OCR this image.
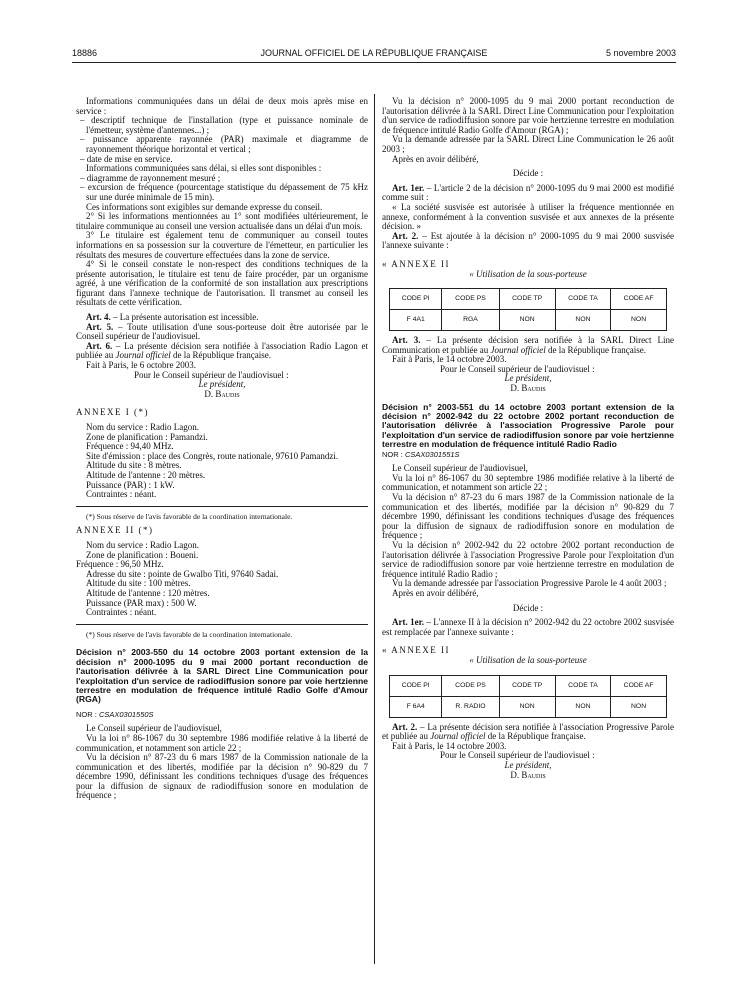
18886	JOURNAL OFFICIEL DE LA RÉPUBLIQUE FRANÇAISE	5 novembre 2003

Informations communiquées dans un délai de deux mois après mise en service :

– descriptif technique de l'installation (type et puissance nominale de l'émetteur, système d'antennes...) ;

– puissance apparente rayonnée (PAR) maximale et diagramme de rayonnement théorique horizontal et vertical ;

– date de mise en service.

Informations communiquées sans délai, si elles sont disponibles :

– diagramme de rayonnement mesuré ;

– excursion de fréquence (pourcentage statistique du dépassement de 75 kHz sur une durée minimale de 15 min).

Ces informations sont exigibles sur demande expresse du conseil.

2° Si les informations mentionnées au 1° sont modifiées ultérieurement, le titulaire communique au conseil une version actualisée dans un délai d'un mois.

3° Le titulaire est également tenu de communiquer au conseil toutes informations en sa possession sur la couverture de l'émetteur, en particulier les résultats des mesures de couverture effectuées dans la zone de service.

4° Si le conseil constate le non-respect des conditions techniques de la présente autorisation, le titulaire est tenu de faire procéder, par un organisme agréé, à une vérification de la conformité de son installation aux prescriptions figurant dans l'annexe technique de l'autorisation. Il transmet au conseil les résultats de cette vérification.

Art. 4. – La présente autorisation est incessible.

Art. 5. – Toute utilisation d'une sous-porteuse doit être autorisée par le Conseil supérieur de l'audiovisuel.

Art. 6. – La présente décision sera notifiée à l'association Radio Lagon et publiée au Journal officiel de la République française.

Fait à Paris, le 6 octobre 2003.

Pour le Conseil supérieur de l'audiovisuel :

Le président,

D. Baudis

ANNEXE I (*)

Nom du service : Radio Lagon.

Zone de planification : Pamandzi.

Fréquence : 94,40 MHz.

Site d'émission : place des Congrès, route nationale, 97610 Pamandzi.

Altitude du site : 8 mètres.

Altitude de l'antenne : 20 mètres.

Puissance (PAR) : 1 kW.

Contraintes : néant.

(*) Sous réserve de l'avis favorable de la coordination internationale.

ANNEXE II (*)

Nom du service : Radio Lagon.

Zone de planification : Boueni.

Fréquence : 96,50 MHz.

Adresse du site : pointe de Gwalbo Titi, 97640 Sadai.

Altitude du site : 100 mètres.

Altitude de l'antenne : 120 mètres.

Puissance (PAR max) : 500 W.

Contraintes : néant.

(*) Sous réserve de l'avis favorable de la coordination internationale.

Décision n° 2003-550 du 14 octobre 2003 portant extension de la décision n° 2000-1095 du 9 mai 2000 portant reconduction de l'autorisation délivrée à la SARL Direct Line Communication pour l'exploitation d'un service de radiodiffusion sonore par voie hertzienne terrestre en modulation de fréquence intitulé Radio Golfe d'Amour (RGA)

NOR : CSAX0301550S

Le Conseil supérieur de l'audiovisuel,

Vu la loi n° 86-1067 du 30 septembre 1986 modifiée relative à la liberté de communication, et notamment son article 22 ;

Vu la décision n° 87-23 du 6 mars 1987 de la Commission nationale de la communication et des libertés, modifiée par la décision n° 90-829 du 7 décembre 1990, définissant les conditions techniques d'usage des fréquences pour la diffusion de signaux de radiodiffusion sonore en modulation de fréquence ;

Vu la décision n° 2000-1095 du 9 mai 2000 portant reconduction de l'autorisation délivrée à la SARL Direct Line Communication pour l'exploitation d'un service de radiodiffusion sonore par voie hertzienne terrestre en modulation de fréquence intitulé Radio Golfe d'Amour (RGA) ;

Vu la demande adressée par la SARL Direct Line Communication le 26 août 2003 ;

Après en avoir délibéré,

Décide :

Art. 1er. – L'article 2 de la décision n° 2000-1095 du 9 mai 2000 est modifié comme suit :

« La société susvisée est autorisée à utiliser la fréquence mentionnée en annexe, conformément à la convention susvisée et aux annexes de la présente décision. »

Art. 2. – Est ajoutée à la décision n° 2000-1095 du 9 mai 2000 susvisée l'annexe suivante :

« ANNEXE II

« Utilisation de la sous-porteuse

CODE PI	CODE PS	CODE TP	CODE TA	CODE AF
F 4A1	RGA	NON	NON	NON

Art. 3. – La présente décision sera notifiée à la SARL Direct Line Communication et publiée au Journal officiel de la République française.

Fait à Paris, le 14 octobre 2003.

Pour le Conseil supérieur de l'audiovisuel :

Le président,

D. Baudis

Décision n° 2003-551 du 14 octobre 2003 portant extension de la décision n° 2002-942 du 22 octobre 2002 portant reconduction de l'autorisation délivrée à l'association Progressive Parole pour l'exploitation d'un service de radiodiffusion sonore par voie hertzienne terrestre en modulation de fréquence intitulé Radio Radio

NOR : CSAX0301551S

Le Conseil supérieur de l'audiovisuel,

Vu la loi n° 86-1067 du 30 septembre 1986 modifiée relative à la liberté de communication, et notamment son article 22 ;

Vu la décision n° 87-23 du 6 mars 1987 de la Commission nationale de la communication et des libertés, modifiée par la décision n° 90-829 du 7 décembre 1990, définissant les conditions techniques d'usage des fréquences pour la diffusion de signaux de radiodiffusion sonore en modulation de fréquence ;

Vu la décision n° 2002-942 du 22 octobre 2002 portant reconduction de l'autorisation délivrée à l'association Progressive Parole pour l'exploitation d'un service de radiodiffusion sonore par voie hertzienne terrestre en modulation de fréquence intitulé Radio Radio ;

Vu la demande adressée par l'association Progressive Parole le 4 août 2003 ;

Après en avoir délibéré,

Décide :

Art. 1er. – L'annexe II à la décision n° 2002-942 du 22 octobre 2002 susvisée est remplacée par l'annexe suivante :

« ANNEXE II

« Utilisation de la sous-porteuse

CODE PI	CODE PS	CODE TP	CODE TA	CODE AF
F 6A4	R. RADIO	NON	NON	NON

Art. 2. – La présente décision sera notifiée à l'association Progressive Parole et publiée au Journal officiel de la République française.

Fait à Paris, le 14 octobre 2003.

Pour le Conseil supérieur de l'audiovisuel :

Le président,

D. Baudis
